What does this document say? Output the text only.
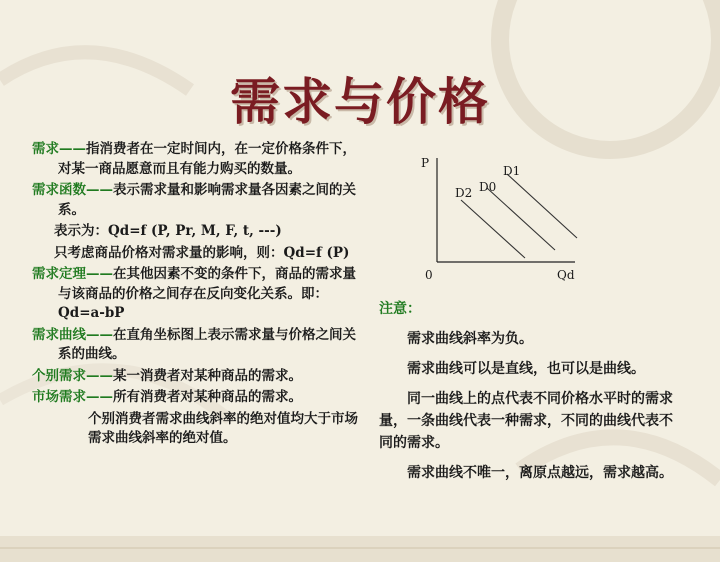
需求与价格
需求——指消费者在一定时间内，在一定价格条件下，对某一商品愿意而且有能力购买的数量。
需求函数——表示需求量和影响需求量各因素之间的关系。
表示为：Qd=f (P, Pr, M, F, t, ---)
只考虑商品价格对需求量的影响，则：Qd=f (P)
需求定理——在其他因素不变的条件下，商品的需求量与该商品的价格之间存在反向变化关系。即： Qd=a-bP
需求曲线——在直角坐标图上表示需求量与价格之间关系的曲线。
个别需求——某一消费者对某种商品的需求。
市场需求——所有消费者对某种商品的需求。
个别消费者需求曲线斜率的绝对值均大于市场需求曲线斜率的绝对值。
P
0	Qd
D2 D0
D1
注意：

需求曲线斜率为负。

需求曲线可以是直线，也可以是曲线。

同一曲线上的点代表不同价格水平时的需求量，一条曲线代表一种需求，不同的曲线代表不同的需求。

需求曲线不唯一，离原点越远，需求越高。
